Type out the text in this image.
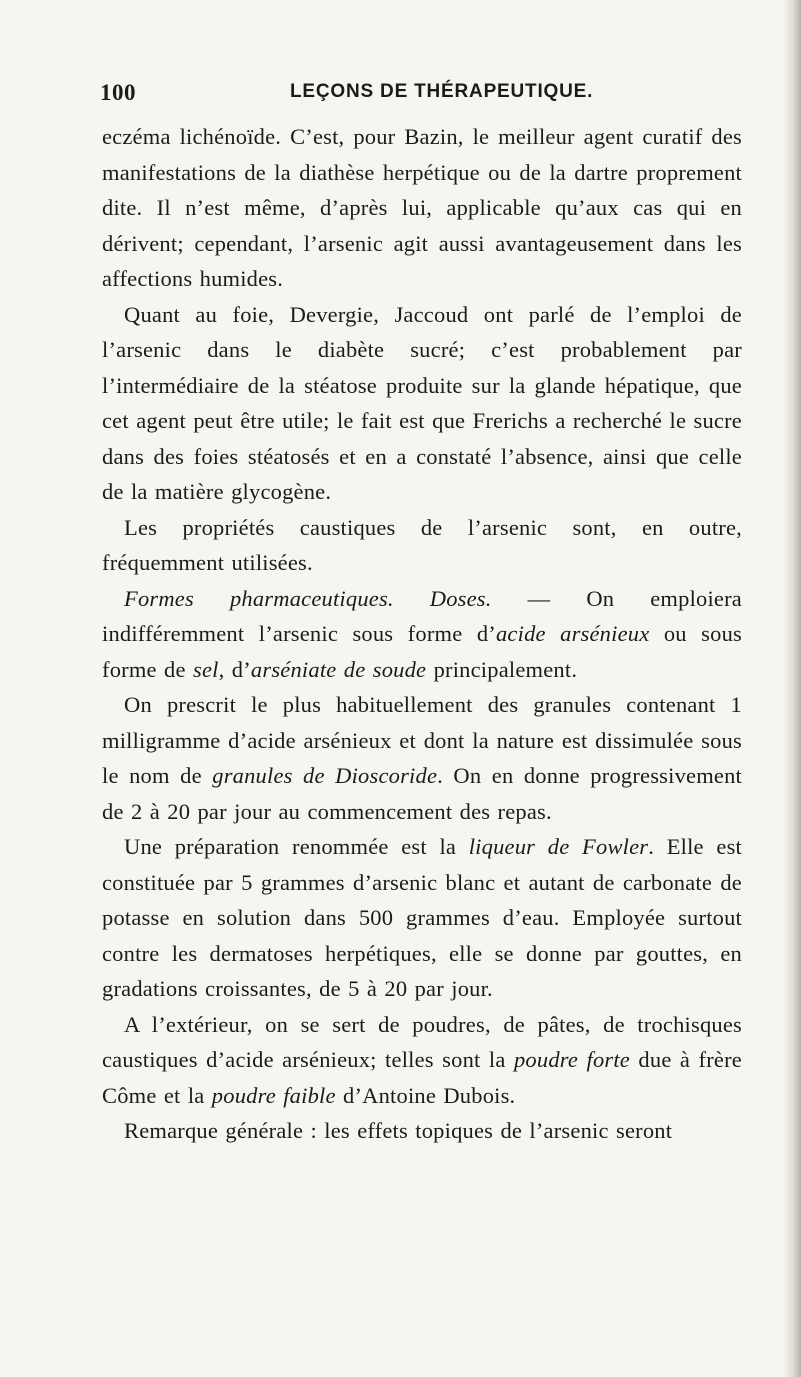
100	LEÇONS DE THÉRAPEUTIQUE.

eczéma lichénoïde. C’est, pour Bazin, le meilleur agent curatif des manifestations de la diathèse herpétique ou de la dartre proprement dite. Il n’est même, d’après lui, applicable qu’aux cas qui en dérivent; cependant, l’arsenic agit aussi avantageusement dans les affections humides.

Quant au foie, Devergie, Jaccoud ont parlé de l’emploi de l’arsenic dans le diabète sucré; c’est probablement par l’intermédiaire de la stéatose produite sur la glande hépatique, que cet agent peut être utile; le fait est que Frerichs a recherché le sucre dans des foies stéatosés et en a constaté l’absence, ainsi que celle de la matière glycogène.

Les propriétés caustiques de l’arsenic sont, en outre, fréquemment utilisées.

Formes pharmaceutiques. Doses. — On emploiera indifféremment l’arsenic sous forme d’acide arsénieux ou sous forme de sel, d’arséniate de soude principalement.

On prescrit le plus habituellement des granules contenant 1 milligramme d’acide arsénieux et dont la nature est dissimulée sous le nom de granules de Dioscoride. On en donne progressivement de 2 à 20 par jour au commencement des repas.

Une préparation renommée est la liqueur de Fowler. Elle est constituée par 5 grammes d’arsenic blanc et autant de carbonate de potasse en solution dans 500 grammes d’eau. Employée surtout contre les dermatoses herpétiques, elle se donne par gouttes, en gradations croissantes, de 5 à 20 par jour.

A l’extérieur, on se sert de poudres, de pâtes, de trochisques caustiques d’acide arsénieux; telles sont la poudre forte due à frère Côme et la poudre faible d’Antoine Dubois.

Remarque générale : les effets topiques de l’arsenic seront
